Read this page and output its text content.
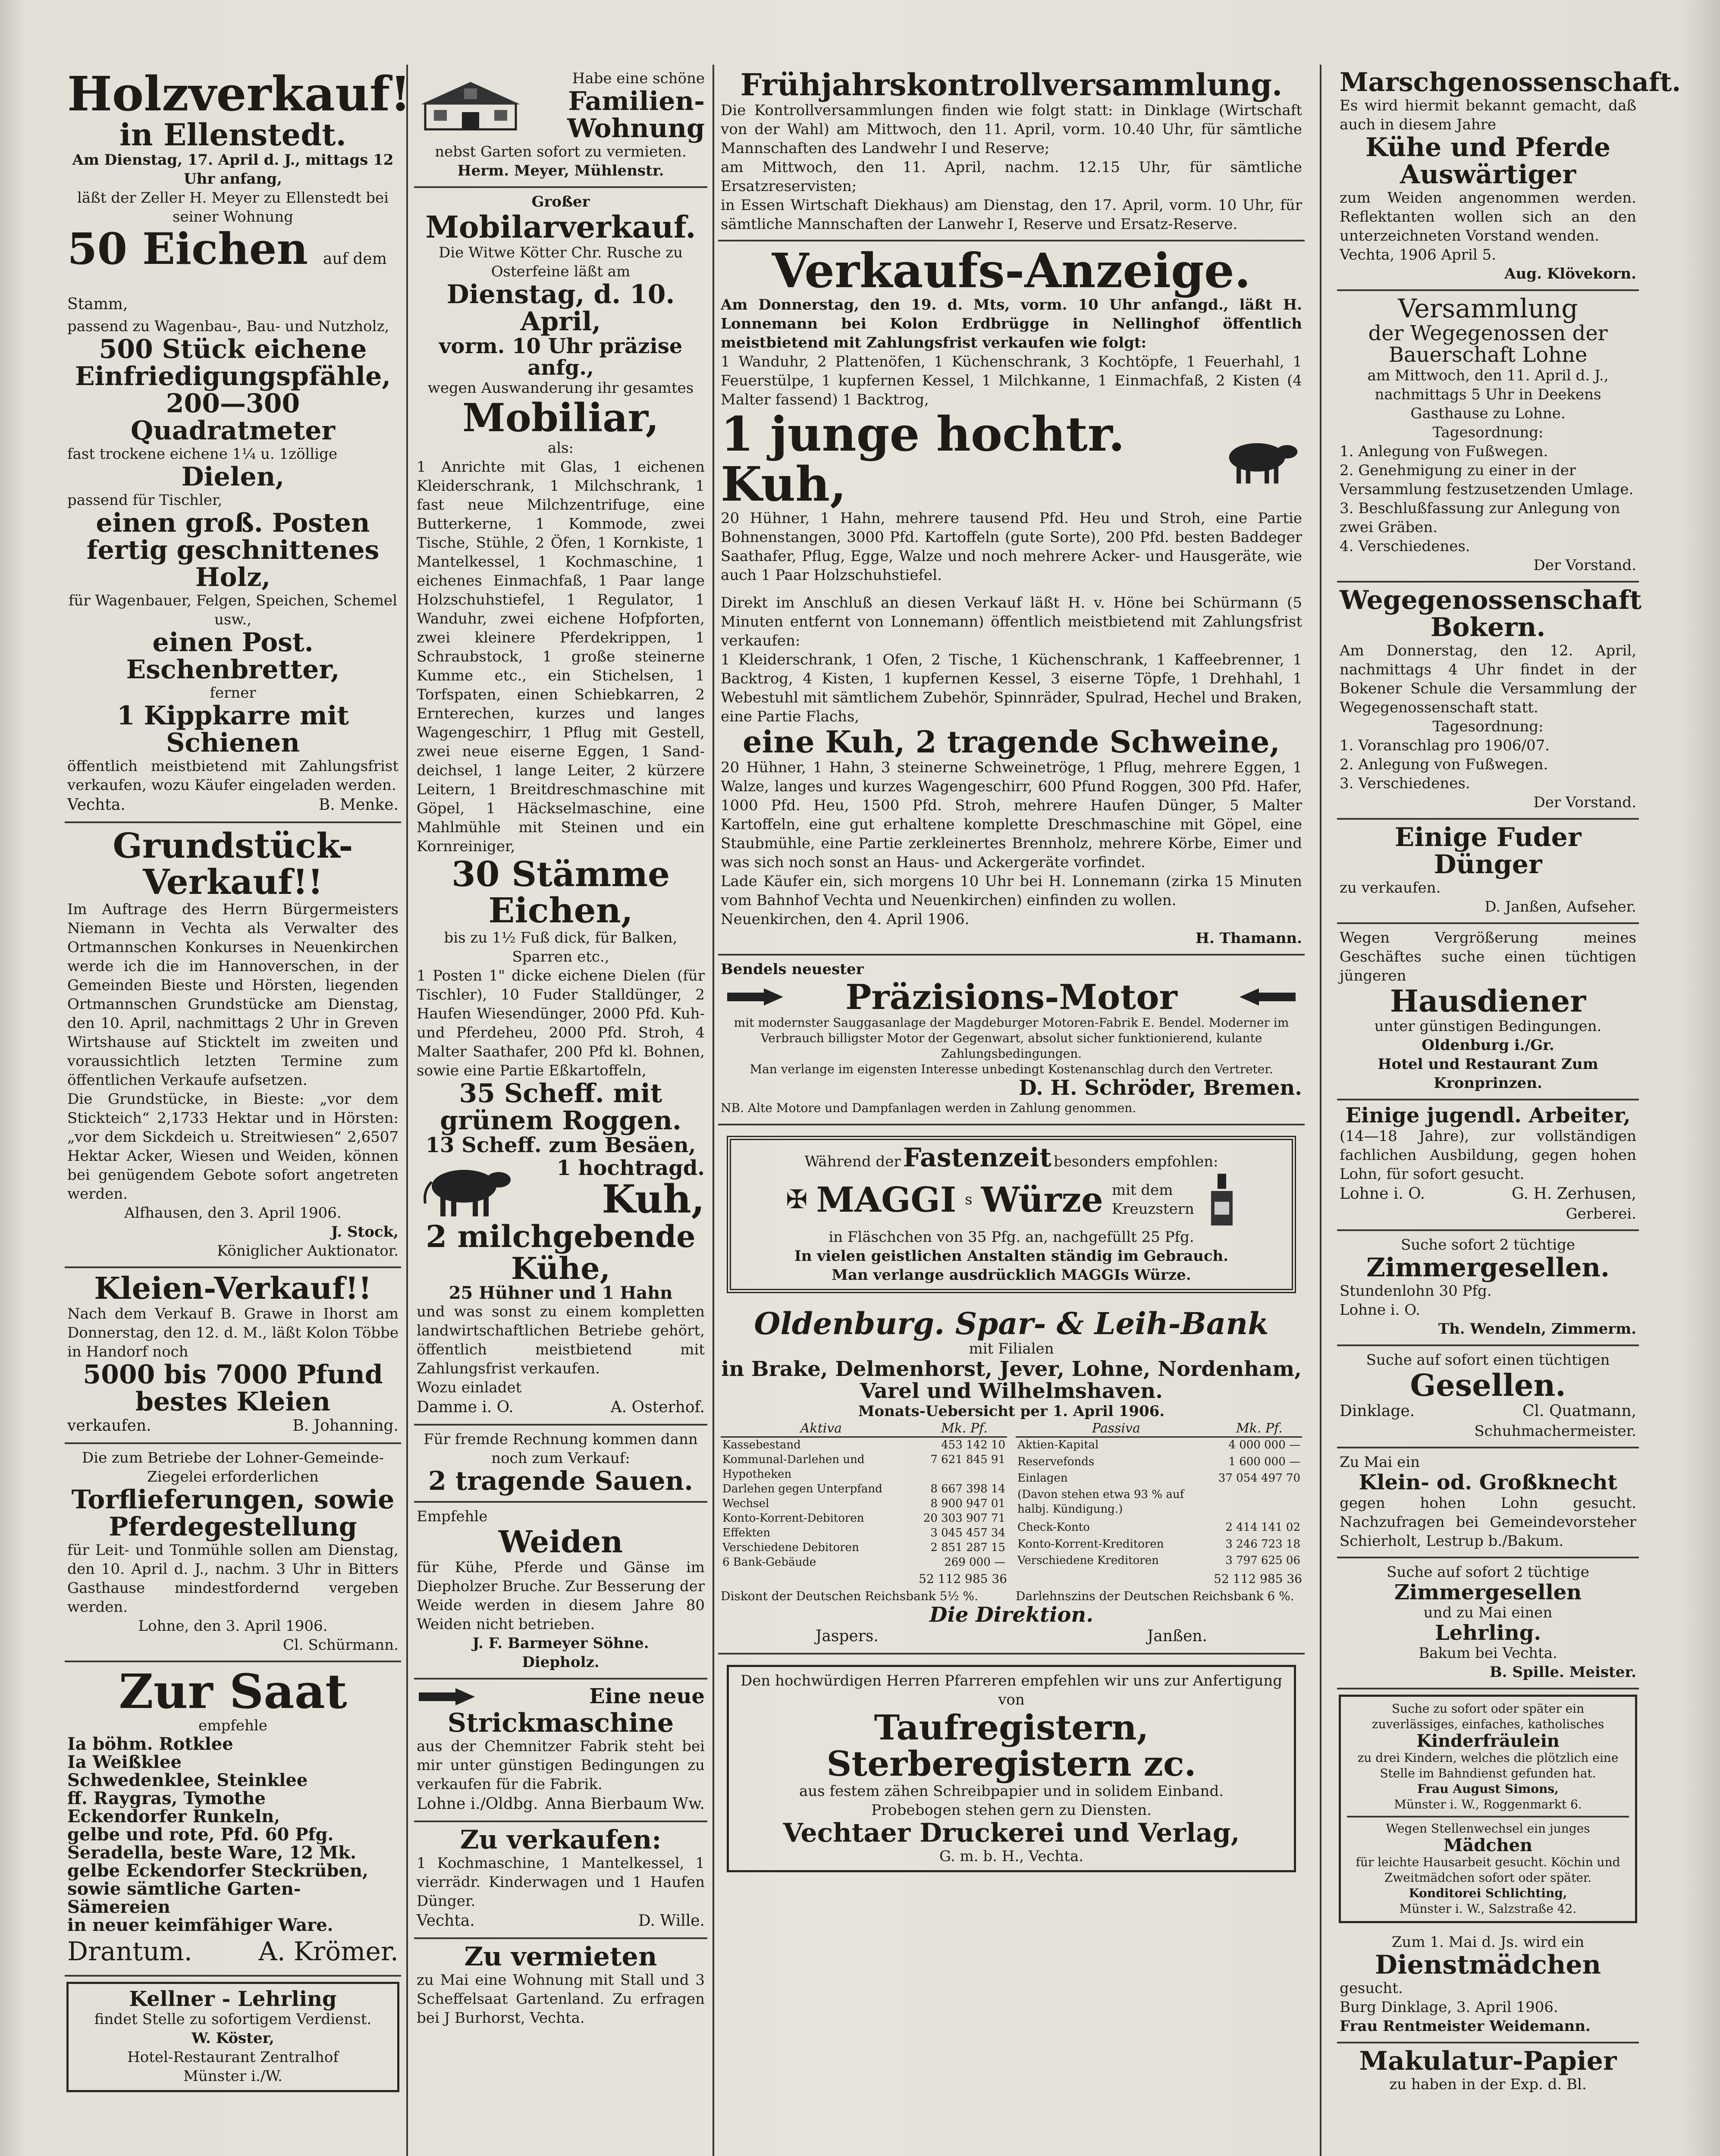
Holzverkauf!

in Ellenstedt.

Am Dienstag, 17. April d. J., mittags 12 Uhr anfang,

läßt der Zeller H. Meyer zu Ellenstedt bei seiner Wohnung

50 Eichen auf dem Stamm,

passend zu Wagenbau-, Bau- und Nutzholz,

500 Stück eichene Einfriedigungspfähle,

200—300 Quadratmeter

fast trockene eichene 1¼ u. 1zöllige

Dielen,

passend für Tischler,

einen groß. Posten fertig geschnittenes Holz,

für Wagenbauer, Felgen, Speichen, Schemel usw.,

einen Post. Eschenbretter,

ferner

1 Kippkarre mit Schienen

öffentlich meistbietend mit Zahlungsfrist verkaufen, wozu Käufer eingeladen werden.

Vechta.	B. Menke.

Grundstück-Verkauf!!

Im Auftrage des Herrn Bürgermeisters Niemann in Vechta als Verwalter des Ortmannschen Konkurses in Neuenkirchen werde ich die im Hannoverschen, in der Gemeinden Bieste und Hörsten, liegenden Ortmannschen Grundstücke am Dienstag, den 10. April, nachmittags 2 Uhr in Greven Wirtshause auf Sticktelt im zweiten und voraussichtlich letzten Termine zum öffentlichen Verkaufe aufsetzen.

Die Grundstücke, in Bieste: „vor dem Stickteich“ 2,1733 Hektar und in Hörsten: „vor dem Sickdeich u. Streitwiesen“ 2,6507 Hektar Acker, Wiesen und Weiden, können bei genügendem Gebote sofort angetreten werden.

Alfhausen, den 3. April 1906.

J. Stock,

Königlicher Auktionator.

Kleien-Verkauf!!

Nach dem Verkauf B. Grawe in Ihorst am Donnerstag, den 12. d. M., läßt Kolon Többe in Handorf noch

5000 bis 7000 Pfund

bestes Kleien

verkaufen.	B. Johanning.

Die zum Betriebe der Lohner-Gemeinde-Ziegelei erforderlichen

Torflieferungen, sowie Pferdegestellung

für Leit- und Tonmühle sollen am Dienstag, den 10. April d. J., nachm. 3 Uhr in Bitters Gasthause mindestfordernd vergeben werden.

Lohne, den 3. April 1906.

Cl. Schürmann.

Zur Saat

empfehle

Ia böhm. Rotklee

Ia Weißklee

Schwedenklee, Steinklee

ff. Raygras, Tymothe

Eckendorfer Runkeln,

gelbe und rote, Pfd. 60 Pfg.

Seradella, beste Ware, 12 Mk.

gelbe Eckendorfer Steckrüben,

sowie sämtliche Garten-Sämereien

in neuer keimfähiger Ware.

Drantum.	A. Krömer.

Kellner - Lehrling

findet Stelle zu sofortigem Verdienst.

W. Köster,

Hotel-Restaurant Zentralhof

Münster i./W.

Habe eine schöne

Familien-

Wohnung

nebst Garten sofort zu vermieten.

Herm. Meyer, Mühlenstr.

Großer

Mobilarverkauf.

Die Witwe Kötter Chr. Rusche zu Osterfeine läßt am

Dienstag, d. 10. April,

vorm. 10 Uhr präzise anfg.,

wegen Auswanderung ihr gesamtes

Mobiliar,

als:

1 Anrichte mit Glas, 1 eichenen Kleiderschrank, 1 Milchschrank, 1 fast neue Milchzentrifuge, eine Butterkerne, 1 Kommode, zwei Tische, Stühle, 2 Öfen, 1 Kornkiste, 1 Mantelkessel, 1 Kochmaschine, 1 eichenes Einmachfaß, 1 Paar lange Holzschuhstiefel, 1 Regulator, 1 Wanduhr, zwei eichene Hofpforten, zwei kleinere Pferdekrippen, 1 Schraubstock, 1 große steinerne Kumme etc., ein Stichelsen, 1 Torfspaten, einen Schiebkarren, 2 Ernterechen, kurzes und langes Wagengeschirr, 1 Pflug mit Gestell, zwei neue eiserne Eggen, 1 Sand-deichsel, 1 lange Leiter, 2 kürzere Leitern, 1 Breitdreschmaschine mit Göpel, 1 Häckselmaschine, eine Mahlmühle mit Steinen und ein Kornreiniger,

30 Stämme Eichen,

bis zu 1½ Fuß dick, für Balken, Sparren etc.,

1 Posten 1" dicke eichene Dielen (für Tischler), 10 Fuder Stalldünger, 2 Haufen Wiesendünger, 2000 Pfd. Kuh- und Pferdeheu, 2000 Pfd. Stroh, 4 Malter Saathafer, 200 Pfd kl. Bohnen, sowie eine Partie Eßkartoffeln,

35 Scheff. mit grünem Roggen.

13 Scheff. zum Besäen,

1 hochtragd.

Kuh,

2 milchgebende Kühe,

25 Hühner und 1 Hahn

und was sonst zu einem kompletten landwirtschaftlichen Betriebe gehört, öffentlich meistbietend mit Zahlungsfrist verkaufen.

Wozu einladet

Damme i. O.	A. Osterhof.

Für fremde Rechnung kommen dann noch zum Verkauf:

2 tragende Sauen.

Empfehle

Weiden

für Kühe, Pferde und Gänse im Diepholzer Bruche. Zur Besserung der Weide werden in diesem Jahre 80 Weiden nicht betrieben.

J. F. Barmeyer Söhne.

Diepholz.

Eine neue

Strickmaschine

aus der Chemnitzer Fabrik steht bei mir unter günstigen Bedingungen zu verkaufen für die Fabrik.

Lohne i./Oldbg. Anna Bierbaum Ww.

Zu verkaufen:

1 Kochmaschine, 1 Mantelkessel, 1 vierrädr. Kinderwagen und 1 Haufen Dünger.

Vechta.	D. Wille.

Zu vermieten

zu Mai eine Wohnung mit Stall und 3 Scheffelsaat Gartenland. Zu erfragen bei J Burhorst, Vechta.

Frühjahrskontrollversammlung.

Die Kontrollversammlungen finden wie folgt statt: in Dinklage (Wirtschaft von der Wahl) am Mittwoch, den 11. April, vorm. 10.40 Uhr, für sämtliche Mannschaften des Landwehr I und Reserve;

am Mittwoch, den 11. April, nachm. 12.15 Uhr, für sämtliche Ersatzreservisten;

in Essen Wirtschaft Diekhaus) am Dienstag, den 17. April, vorm. 10 Uhr, für sämtliche Mannschaften der Lanwehr I, Reserve und Ersatz-Reserve.

Verkaufs-Anzeige.

Am Donnerstag, den 19. d. Mts, vorm. 10 Uhr anfangd., läßt H. Lonnemann bei Kolon Erdbrügge in Nellinghof öffentlich meistbietend mit Zahlungsfrist verkaufen wie folgt:

1 Wanduhr, 2 Plattenöfen, 1 Küchenschrank, 3 Kochtöpfe, 1 Feuerhahl, 1 Feuerstülpe, 1 kupfernen Kessel, 1 Milchkanne, 1 Einmachfaß, 2 Kisten (4 Malter fassend) 1 Backtrog,

1 junge hochtr. Kuh,

20 Hühner, 1 Hahn, mehrere tausend Pfd. Heu und Stroh, eine Partie Bohnenstangen, 3000 Pfd. Kartoffeln (gute Sorte), 200 Pfd. besten Baddeger Saathafer, Pflug, Egge, Walze und noch mehrere Acker- und Hausgeräte, wie auch 1 Paar Holzschuhstiefel.

Direkt im Anschluß an diesen Verkauf läßt H. v. Höne bei Schürmann (5 Minuten entfernt von Lonnemann) öffentlich meistbietend mit Zahlungsfrist verkaufen:

1 Kleiderschrank, 1 Ofen, 2 Tische, 1 Küchenschrank, 1 Kaffeebrenner, 1 Backtrog, 4 Kisten, 1 kupfernen Kessel, 3 eiserne Töpfe, 1 Drehhahl, 1 Webestuhl mit sämtlichem Zubehör, Spinnräder, Spulrad, Hechel und Braken, eine Partie Flachs,

eine Kuh, 2 tragende Schweine,

20 Hühner, 1 Hahn, 3 steinerne Schweinetröge, 1 Pflug, mehrere Eggen, 1 Walze, langes und kurzes Wagengeschirr, 600 Pfund Roggen, 300 Pfd. Hafer, 1000 Pfd. Heu, 1500 Pfd. Stroh, mehrere Haufen Dünger, 5 Malter Kartoffeln, eine gut erhaltene komplette Dreschmaschine mit Göpel, eine Staubmühle, eine Partie zerkleinertes Brennholz, mehrere Körbe, Eimer und was sich noch sonst an Haus- und Ackergeräte vorfindet.

Lade Käufer ein, sich morgens 10 Uhr bei H. Lonnemann (zirka 15 Minuten vom Bahnhof Vechta und Neuenkirchen) einfinden zu wollen.

Neuenkirchen, den 4. April 1906.

H. Thamann.

Bendels neuester

Präzisions-Motor

mit modernster Sauggasanlage der Magdeburger Motoren-Fabrik E. Bendel. Moderner im Verbrauch billigster Motor der Gegenwart, absolut sicher funktionierend, kulante Zahlungsbedingungen.

Man verlange im eigensten Interesse unbedingt Kostenanschlag durch den Vertreter.

D. H. Schröder, Bremen.

NB. Alte Motore und Dampfanlagen werden in Zahlung genommen.

Während der Fastenzeit besonders empfohlen:

✠ MAGGI s Würze mit dem Kreuzstern

in Fläschchen von 35 Pfg. an, nachgefüllt 25 Pfg.

In vielen geistlichen Anstalten ständig im Gebrauch.

Man verlange ausdrücklich MAGGIs Würze.

Oldenburg. Spar- & Leih-Bank

mit Filialen

in Brake, Delmenhorst, Jever, Lohne, Nordenham, Varel und Wilhelmshaven.

Monats-Uebersicht per 1. April 1906.

Aktiva	Mk. Pf.
Kassebestand	453 142 10
Kommunal-Darlehen und Hypotheken	7 621 845 91
Darlehen gegen Unterpfand	8 667 398 14
Wechsel	8 900 947 01
Konto-Korrent-Debitoren	20 303 907 71
Effekten	3 045 457 34
Verschiedene Debitoren	2 851 287 15
6 Bank-Gebäude	269 000 —
Passiva	Mk. Pf.
Aktien-Kapital	4 000 000 —
Reservefonds	1 600 000 —
Einlagen	37 054 497 70
(Davon stehen etwa 93 % auf halbj. Kündigung.)	
Check-Konto	2 414 141 02
Konto-Korrent-Kreditoren	3 246 723 18
Verschiedene Kreditoren	3 797 625 06

52 112 985 36	52 112 985 36

Diskont der Deutschen Reichsbank 5½ %.	Darlehnszins der Deutschen Reichsbank 6 %.

Die Direktion.

Jaspers.	Janßen.

Den hochwürdigen Herren Pfarreren empfehlen wir uns zur Anfertigung von

Taufregistern,

Sterberegistern zc.

aus festem zähen Schreibpapier und in solidem Einband.

Probebogen stehen gern zu Diensten.

Vechtaer Druckerei und Verlag,

G. m. b. H., Vechta.

Marschgenossenschaft.

Es wird hiermit bekannt gemacht, daß auch in diesem Jahre

Kühe und Pferde Auswärtiger

zum Weiden angenommen werden. Reflektanten wollen sich an den unterzeichneten Vorstand wenden.

Vechta, 1906 April 5.

Aug. Klövekorn.

Versammlung

der Wegegenossen der

Bauerschaft Lohne

am Mittwoch, den 11. April d. J., nachmittags 5 Uhr in Deekens Gasthause zu Lohne.

Tagesordnung:

1. Anlegung von Fußwegen.

2. Genehmigung zu einer in der Versammlung festzusetzenden Umlage.

3. Beschlußfassung zur Anlegung von zwei Gräben.

4. Verschiedenes.

Der Vorstand.

Wegegenossenschaft

Bokern.

Am Donnerstag, den 12. April, nachmittags 4 Uhr findet in der Bokener Schule die Versammlung der Wegegenossenschaft statt.

Tagesordnung:

1. Voranschlag pro 1906/07.

2. Anlegung von Fußwegen.

3. Verschiedenes.

Der Vorstand.

Einige Fuder Dünger

zu verkaufen.

D. Janßen, Aufseher.

Wegen Vergrößerung meines Geschäftes suche einen tüchtigen jüngeren

Hausdiener

unter günstigen Bedingungen.

Oldenburg i./Gr.

Hotel und Restaurant Zum Kronprinzen.

Einige jugendl. Arbeiter,

(14—18 Jahre), zur vollständigen fachlichen Ausbildung, gegen hohen Lohn, für sofort gesucht.

Lohne i. O.	G. H. Zerhusen,

Gerberei.

Suche sofort 2 tüchtige

Zimmergesellen.

Stundenlohn 30 Pfg.

Lohne i. O.

Th. Wendeln, Zimmerm.

Suche auf sofort einen tüchtigen

Gesellen.

Dinklage.	Cl. Quatmann,

Schuhmachermeister.

Zu Mai ein

Klein- od. Großknecht

gegen hohen Lohn gesucht. Nachzufragen bei Gemeindevorsteher Schierholt, Lestrup b./Bakum.

Suche auf sofort 2 tüchtige

Zimmergesellen

und zu Mai einen

Lehrling.

Bakum bei Vechta.

B. Spille. Meister.

Suche zu sofort oder später ein zuverlässiges, einfaches, katholisches

Kinderfräulein

zu drei Kindern, welches die plötzlich eine Stelle im Bahndienst gefunden hat.

Frau August Simons,

Münster i. W., Roggenmarkt 6.

Wegen Stellenwechsel ein junges

Mädchen

für leichte Hausarbeit gesucht. Köchin und Zweitmädchen sofort oder später.

Konditorei Schlichting,

Münster i. W., Salzstraße 42.

Zum 1. Mai d. Js. wird ein

Dienstmädchen

gesucht.

Burg Dinklage, 3. April 1906.

Frau Rentmeister Weidemann.

Makulatur-Papier

zu haben in der Exp. d. Bl.
